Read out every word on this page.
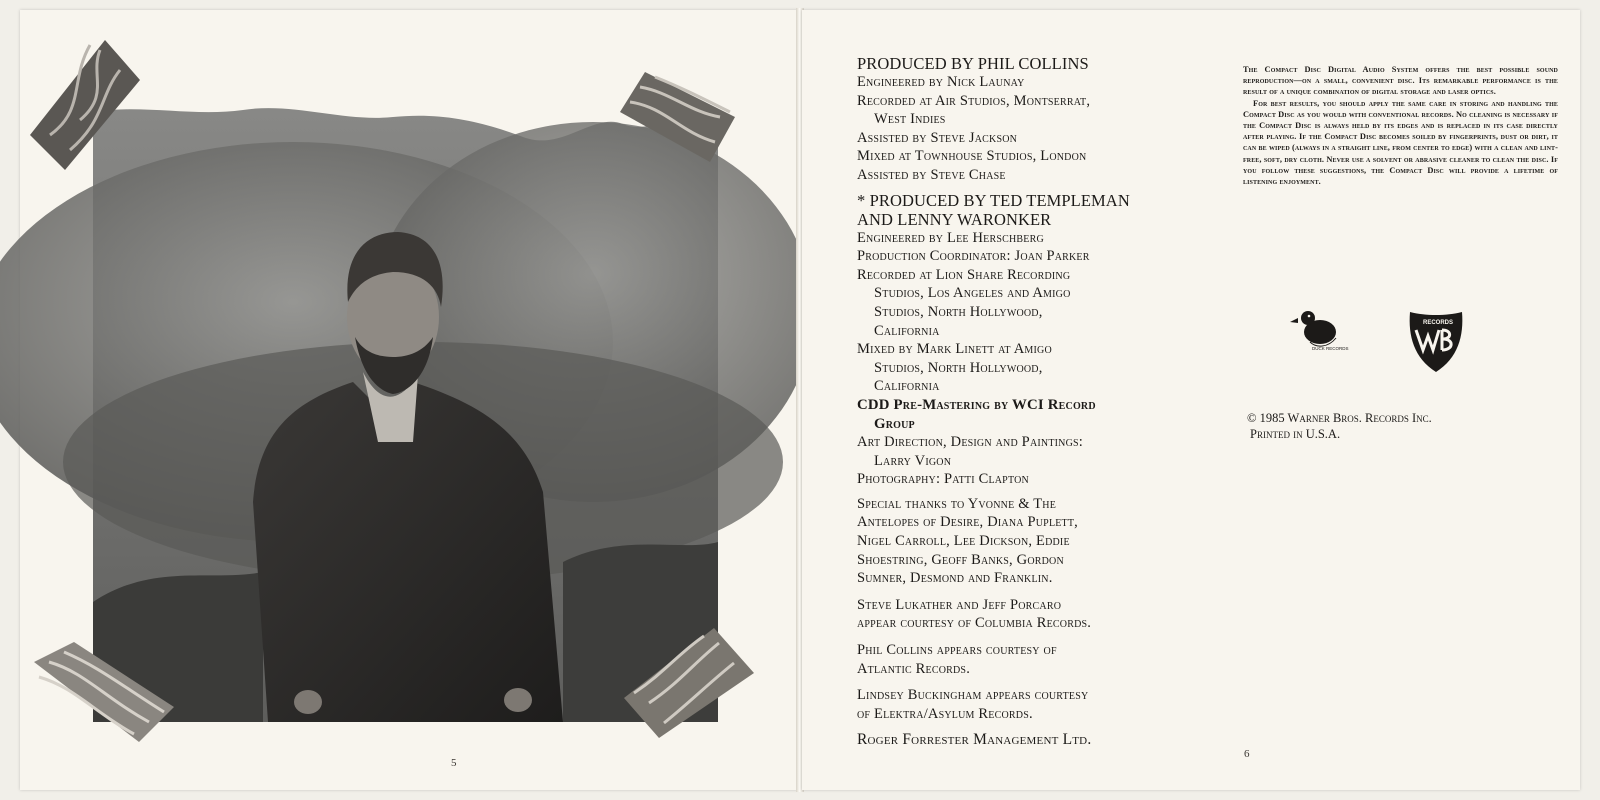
5
PRODUCED BY PHIL COLLINS
Engineered by Nick Launay
Recorded at Air Studios, Montserrat,
West Indies
Assisted by Steve Jackson
Mixed at Townhouse Studios, London
Assisted by Steve Chase
* PRODUCED BY TED TEMPLEMAN
AND LENNY WARONKER
Engineered by Lee Herschberg
Production Coordinator: Joan Parker
Recorded at Lion Share Recording
Studios, Los Angeles and Amigo
Studios, North Hollywood,
California
Mixed by Mark Linett at Amigo
Studios, North Hollywood,
California
CDD Pre-Mastering by WCI Record
Group
Art Direction, Design and Paintings:
Larry Vigon
Photography: Patti Clapton
Special thanks to Yvonne & The
Antelopes of Desire, Diana Puplett,
Nigel Carroll, Lee Dickson, Eddie
Shoestring, Geoff Banks, Gordon
Sumner, Desmond and Franklin.
Steve Lukather and Jeff Porcaro
appear courtesy of Columbia Records.
Phil Collins appears courtesy of
Atlantic Records.
Lindsey Buckingham appears courtesy
of Elektra/Asylum Records.
Roger Forrester Management Ltd.

The Compact Disc Digital Audio System offers the best possible sound reproduction—on a small, convenient disc. Its remarkable performance is the result of a unique combination of digital storage and laser optics.

For best results, you should apply the same care in storing and handling the Compact Disc as you would with conventional records. No cleaning is necessary if the Compact Disc is always held by its edges and is replaced in its case directly after playing. If the Compact Disc becomes soiled by fingerprints, dust or dirt, it can be wiped (always in a straight line, from center to edge) with a clean and lint-free, soft, dry cloth. Never use a solvent or abrasive cleaner to clean the disc. If you follow these suggestions, the Compact Disc will provide a lifetime of listening enjoyment.

DUCK RECORDS
RECORDS
© 1985 Warner Bros. Records Inc.
Printed in U.S.A.
6
